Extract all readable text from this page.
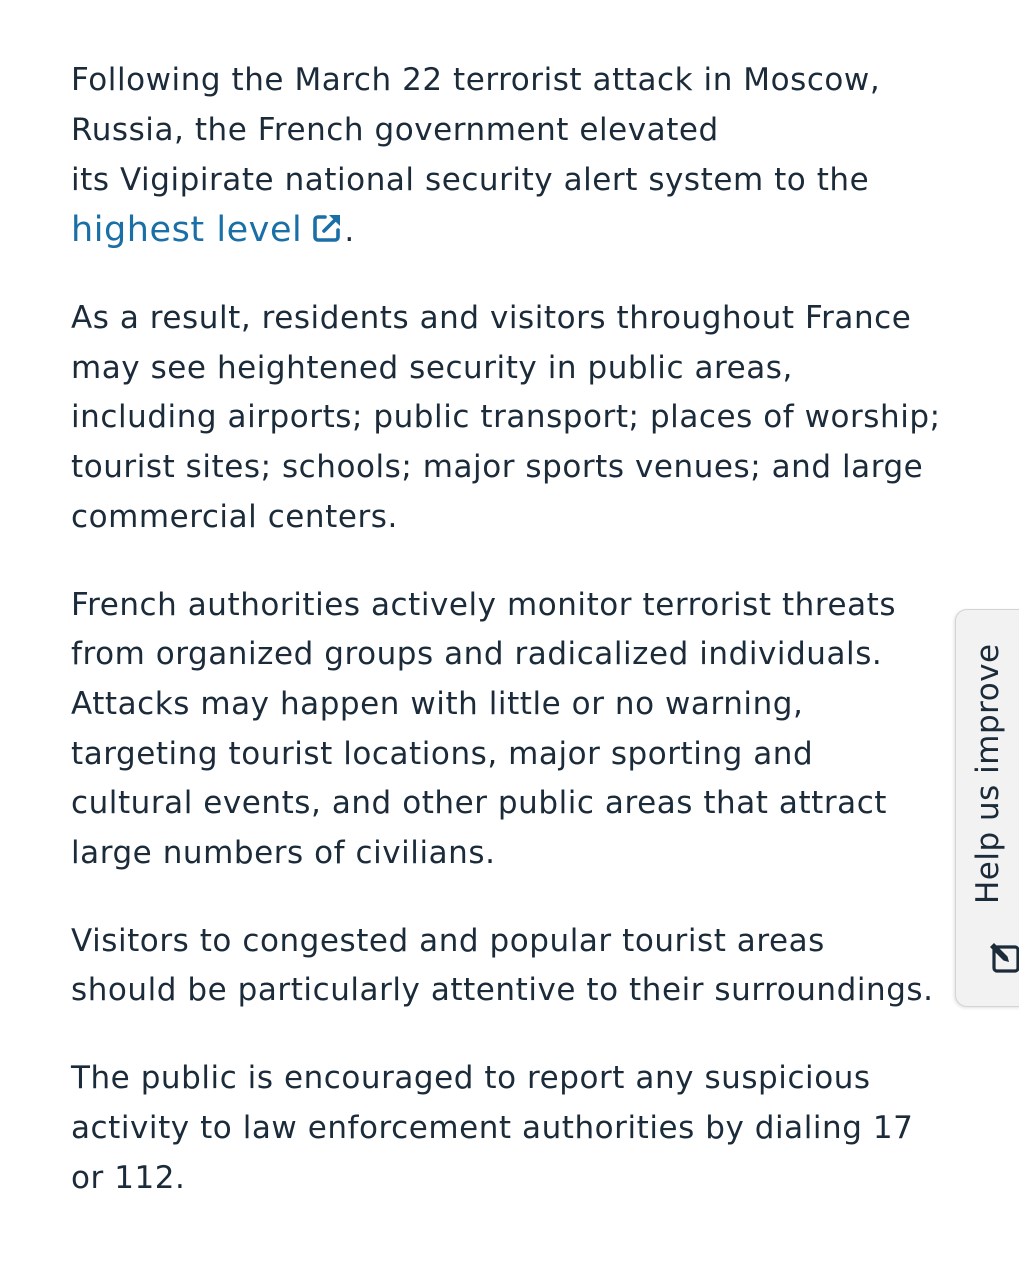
Following the March 22 terrorist attack in Moscow, Russia, the French government elevated its Vigipirate national security alert system to the highest level .

As a result, residents and visitors throughout France may see heightened security in public areas, including airports; public transport; places of worship; tourist sites; schools; major sports venues; and large commercial centers.

French authorities actively monitor terrorist threats from organized groups and radicalized individuals.  Attacks may happen with little or no warning, targeting tourist locations, major sporting and cultural events, and other public areas that attract large numbers of civilians.

Visitors to congested and popular tourist areas should be particularly attentive to their surroundings.

The public is encouraged to report any suspicious activity to law enforcement authorities by dialing 17 or 112.

Help us improve
